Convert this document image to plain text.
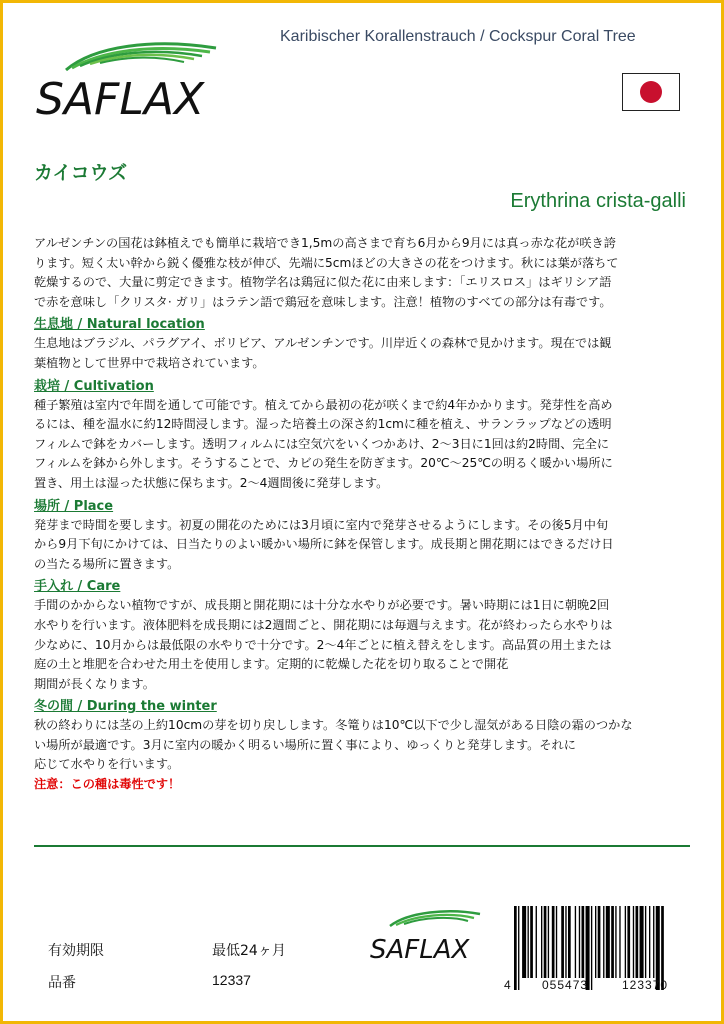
SAFLAX
Karibischer Korallenstrauch / Cockspur Coral Tree
カイコウズ
Erythrina crista-galli

アルゼンチンの国花は鉢植えでも簡単に栽培でき1,5mの高さまで育ち6月から9月には真っ赤な花が咲き誇

ります。短く太い幹から鋭く優雅な枝が伸び、先端に5cmほどの大きさの花をつけます。秋には葉が落ちて

乾燥するので、大量に剪定できます。植物学名は鶏冠に似た花に由来します：「エリスロス」はギリシア語

で赤を意味し「クリスタ· ガリ」はラテン語で鶏冠を意味します。注意！植物のすべての部分は有毒です。

生息地 / Natural location

生息地はブラジル、パラグアイ、ボリビア、アルゼンチンです。川岸近くの森林で見かけます。現在では観

葉植物として世界中で栽培されています。

栽培 / Cultivation

種子繁殖は室内で年間を通して可能です。植えてから最初の花が咲くまで約4年かかります。発芽性を高め

るには、種を温水に約12時間浸します。湿った培養土の深さ約1cmに種を植え、サランラップなどの透明

フィルムで鉢をカバーします。透明フィルムには空気穴をいくつかあけ、2～3日に1回は約2時間、完全に

フィルムを鉢から外します。そうすることで、カビの発生を防ぎます。20℃〜25℃の明るく暖かい場所に

置き、用土は湿った状態に保ちます。2～4週間後に発芽します。

場所 / Place

発芽まで時間を要します。初夏の開花のためには3月頃に室内で発芽させるようにします。その後5月中旬

から9月下旬にかけては、日当たりのよい暖かい場所に鉢を保管します。成長期と開花期にはできるだけ日

の当たる場所に置きます。

手入れ / Care

手間のかからない植物ですが、成長期と開花期には十分な水やりが必要です。暑い時期には1日に朝晩2回

水やりを行います。液体肥料を成長期には2週間ごと、開花期には毎週与えます。花が終わったら水やりは

少なめに、10月からは最低限の水やりで十分です。2〜4年ごとに植え替えをします。高品質の用土または

庭の土と堆肥を合わせた用土を使用します。定期的に乾燥した花を切り取ることで開花

期間が長くなります。

冬の間 / During the winter

秋の終わりには茎の上約10cmの芽を切り戻しします。冬篭りは10℃以下で少し湿気がある日陰の霜のつかな

い場所が最適です。3月に室内の暖かく明るい場所に置く事により、ゆっくりと発芽します。それに

応じて水やりを行います。

注意：この種は毒性です！

有効期限	最低24ヶ月
品番	12337
SAFLAX
4	055473	123370
